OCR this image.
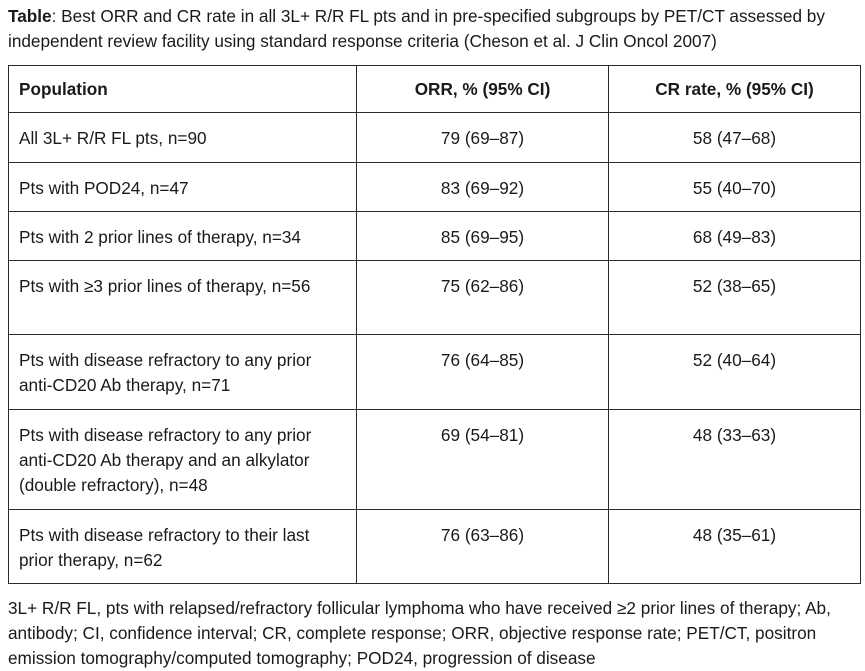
Table: Best ORR and CR rate in all 3L+ R/R FL pts and in pre-specified subgroups by PET/CT assessed by independent review facility using standard response criteria (Cheson et al. J Clin Oncol 2007)
Population	ORR, % (95% CI)	CR rate, % (95% CI)
All 3L+ R/R FL pts, n=90	79 (69–87)	58 (47–68)
Pts with POD24, n=47	83 (69–92)	55 (40–70)
Pts with 2 prior lines of therapy, n=34	85 (69–95)	68 (49–83)
Pts with ≥3 prior lines of therapy, n=56	75 (62–86)	52 (38–65)
Pts with disease refractory to any prior anti-CD20 Ab therapy, n=71	76 (64–85)	52 (40–64)
Pts with disease refractory to any prior anti-CD20 Ab therapy and an alkylator (double refractory), n=48	69 (54–81)	48 (33–63)
Pts with disease refractory to their last prior therapy, n=62	76 (63–86)	48 (35–61)
3L+ R/R FL, pts with relapsed/refractory follicular lymphoma who have received ≥2 prior lines of therapy; Ab, antibody; CI, confidence interval; CR, complete response; ORR, objective response rate; PET/CT, positron emission tomography/computed tomography; POD24, progression of disease
